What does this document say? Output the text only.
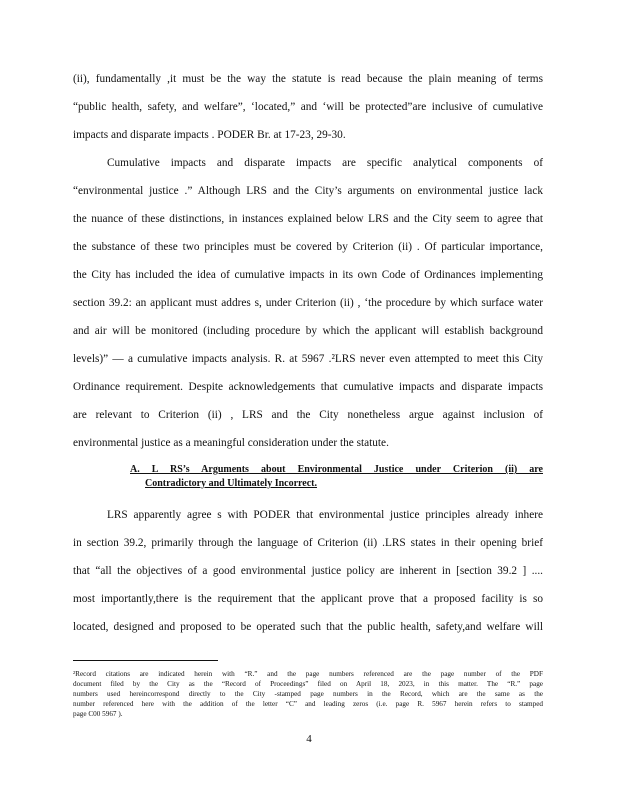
(ii), fundamentally ,it must be the way the statute is read because the plain meaning of terms
“public health, safety, and welfare”, ‘located,” and ‘will be protected”are inclusive of cumulative
impacts and disparate impacts . PODER Br. at 17-23, 29-30.
Cumulative impacts and disparate impacts are specific analytical components of
“environmental justice .” Although LRS and the City’s arguments on environmental justice lack
the nuance of these distinctions, in instances explained below LRS and the City seem to agree that
the substance of these two principles must be covered by Criterion (ii) . Of particular importance,
the City has included the idea of cumulative impacts in its own Code of Ordinances implementing
section 39.2: an applicant must addres s, under Criterion (ii) , ‘the procedure by which surface water
and air will be monitored (including procedure by which the applicant will establish background
levels)” — a cumulative impacts analysis. R. at 5967 .²LRS never even attempted to meet this City
Ordinance requirement. Despite acknowledgements that cumulative impacts and disparate impacts
are relevant to Criterion (ii) , LRS and the City nonetheless argue against inclusion of
environmental justice as a meaningful consideration under the statute.
A. L RS’s Arguments about Environmental Justice under Criterion (ii) are
Contradictory and Ultimately Incorrect.
LRS apparently agree s with PODER that environmental justice principles already inhere
in section 39.2, primarily through the language of Criterion (ii) .LRS states in their opening brief
that “all the objectives of a good environmental justice policy are inherent in [section 39.2 ] ....
most importantly,there is the requirement that the applicant prove that a proposed facility is so
located, designed and proposed to be operated such that the public health, safety,and welfare will
²Record citations are indicated herein with “R.” and the page numbers referenced are the page number of the PDF
document filed by the City as the “Record of Proceedings” filed on April 18, 2023, in this matter. The “R.” page
numbers used hereincorrespond directly to the City -stamped page numbers in the Record, which are the same as the
number referenced here with the addition of the letter “C” and leading zeros (i.e. page R. 5967 herein refers to stamped
page C00 5967 ).
4
